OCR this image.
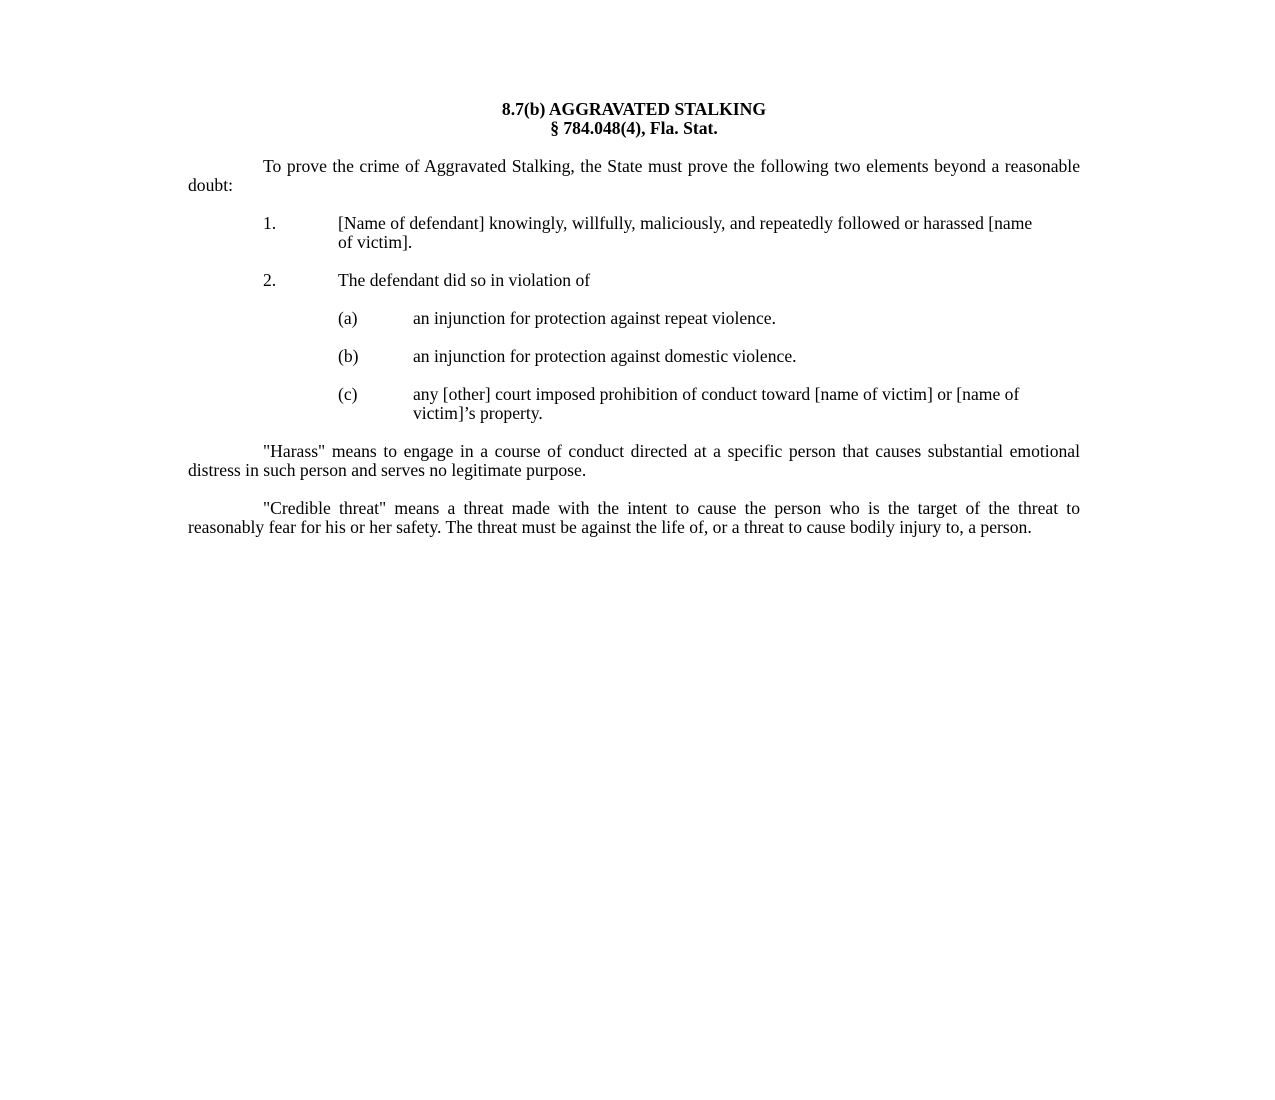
8.7(b) AGGRAVATED STALKING
§ 784.048(4), Fla. Stat.
To prove the crime of Aggravated Stalking, the State must prove the following two elements beyond a reasonable doubt:
1.	[Name of defendant] knowingly, willfully, maliciously, and repeatedly followed or harassed [name of victim].
2.	The defendant did so in violation of
(a)	an injunction for protection against repeat violence.
(b)	an injunction for protection against domestic violence.
(c)	any [other] court imposed prohibition of conduct toward [name of victim] or [name of victim]’s property.
"Harass" means to engage in a course of conduct directed at a specific person that causes substantial emotional distress in such person and serves no legitimate purpose.
"Credible threat" means a threat made with the intent to cause the person who is the target of the threat to reasonably fear for his or her safety. The threat must be against the life of, or a threat to cause bodily injury to, a person.
